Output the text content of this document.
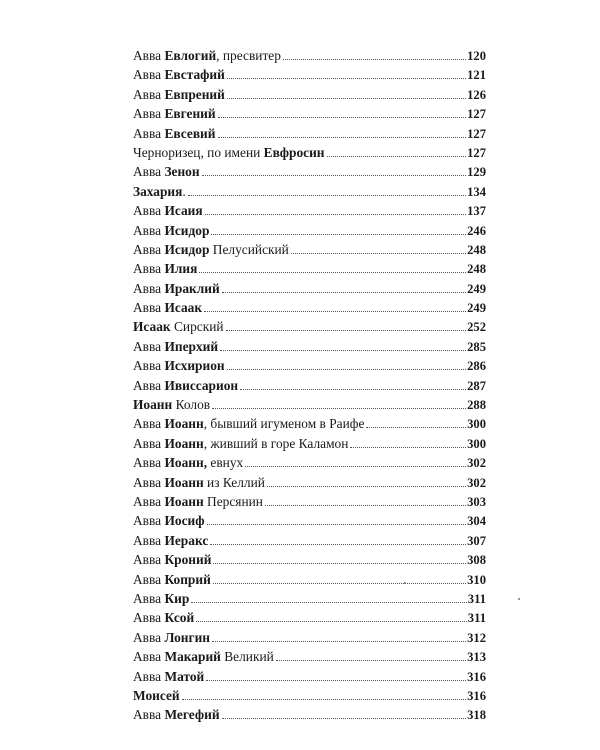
Авва Евлогий, пресвитер	120
Авва Евстафий	121
Авва Евпрений	126
Авва Евгений	127
Авва Евсевий	127
Черноризец, по имени Евфросин	127
Авва Зенон	129
Захария.	134
Авва Исаия	137
Авва Исидор	246
Авва Исидор Пелусийский	248
Авва Илия	248
Авва Ираклий	249
Авва Исаак	249
Исаак Сирский	252
Авва Иперхий	285
Авва Исхирион	286
Авва Ивиссарион	287
Иоанн Колов	288
Авва Иоанн, бывший игуменом в Раифе	300
Авва Иоанн, живший в горе Каламон	300
Авва Иоанн, евнух	302
Авва Иоанн из Келлий	302
Авва Иоанн Персянин	303
Авва Иосиф	304
Авва Иеракс	307
Авва Кроний	308
Авва Коприй	310
Авва Кир	311
Авва Ксой	311
Авва Лонгин	312
Авва Макарий Великий	313
Авва Матой	316
Моисей	316
Авва Мегефий	318
